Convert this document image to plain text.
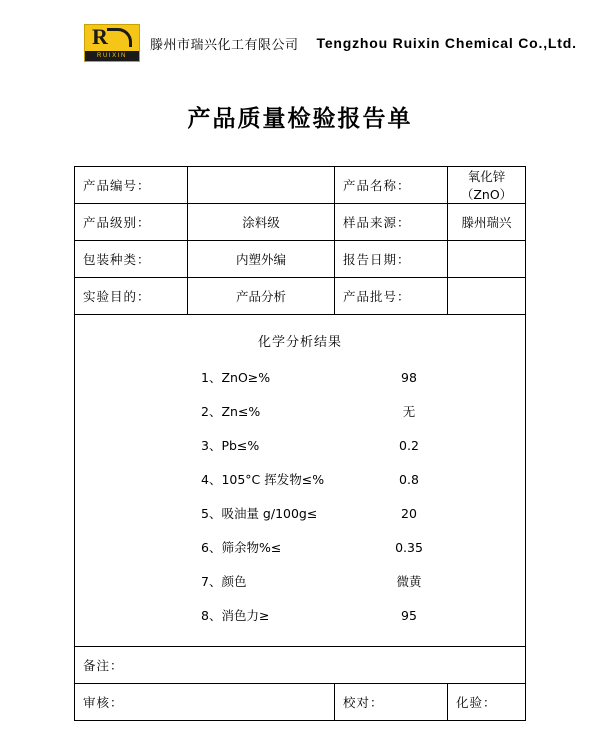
R
RUIXIN
滕州市瑞兴化工有限公司 Tengzhou Ruixin Chemical Co.,Ltd.
产品质量检验报告单
产品编号：		产品名称：	氧化锌（ZnO）
产品级别：	涂料级	样品来源：	滕州瑞兴
包装种类：	内塑外编	报告日期：	
实验目的：	产品分析	产品批号：	

化学分析结果
1、ZnO≥%	98
2、Zn≤%	无
3、Pb≤%	0.2
4、105°C 挥发物≤%	0.8
5、吸油量 g/100g≤	20
6、筛余物%≤	0.35
7、颜色	微黄
8、消色力≥	95

备注：			
审核：		校对：	化验：
